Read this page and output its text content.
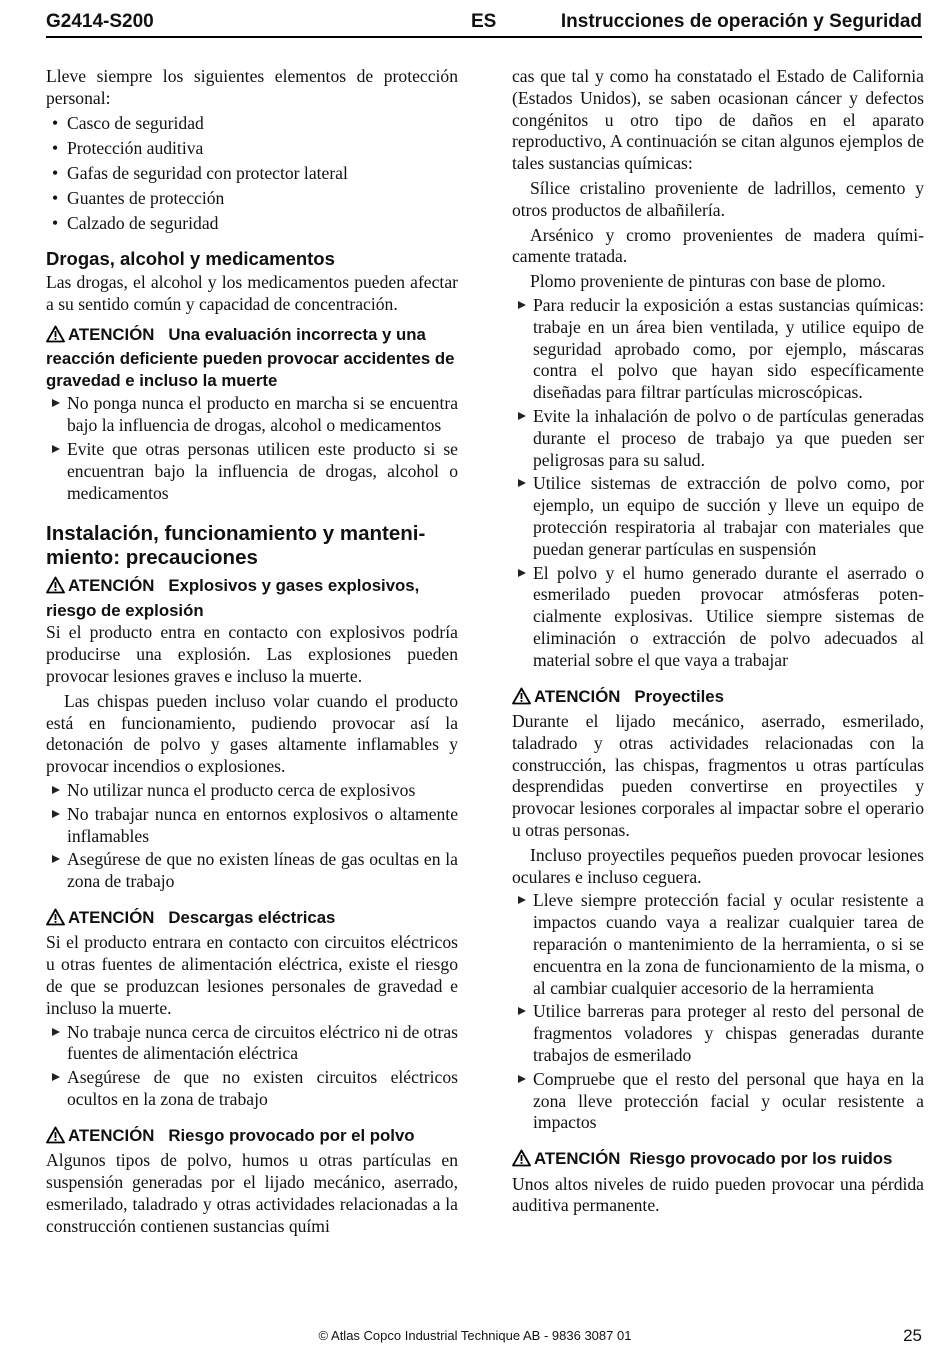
G2414-S200	ES	Instrucciones de operación y Seguridad

Lleve siempre los siguientes elementos de protección personal:

• Casco de seguridad
• Protección auditiva
• Gafas de seguridad con protector lateral
• Guantes de protección
• Calzado de seguridad
Drogas, alcohol y medicamentos

Las drogas, el alcohol y los medicamentos pueden afectar a su sentido común y capacidad de concentración.

ATENCIÓN Una evaluación incorrecta y una reacción deficiente pueden provocar accidentes de gravedad e incluso la muerte
No ponga nunca el producto en marcha si se encuentra bajo la influencia de drogas, alcohol o medicamentos
Evite que otras personas utilicen este producto si se encuentran bajo la influencia de drogas, alcohol o medicamentos
Instalación, funcionamiento y mantenimiento: precauciones
ATENCIÓN Explosivos y gases explosivos, riesgo de explosión

Si el producto entra en contacto con explosivos podría producirse una explosión. Las explosiones pueden provocar lesiones graves e incluso la muerte.

Las chispas pueden incluso volar cuando el producto está en funcionamiento, pudiendo provocar así la detonación de polvo y gases altamente inflamables y provocar incendios o explosiones.

No utilizar nunca el producto cerca de explosivos
No trabajar nunca en entornos explosivos o altamente inflamables
Asegúrese de que no existen líneas de gas ocultas en la zona de trabajo
ATENCIÓN Descargas eléctricas

Si el producto entrara en contacto con circuitos eléctricos u otras fuentes de alimentación eléctrica, existe el riesgo de que se produzcan lesiones personales de gravedad e incluso la muerte.

No trabaje nunca cerca de circuitos eléctrico ni de otras fuentes de alimentación eléctrica
Asegúrese de que no existen circuitos eléctricos ocultos en la zona de trabajo
ATENCIÓN Riesgo provocado por el polvo

Algunos tipos de polvo, humos u otras partículas en suspensión generadas por el lijado mecánico, aserrado, esmerilado, taladrado y otras actividades relacionadas a la construcción contienen sustancias quími

cas que tal y como ha constatado el Estado de California (Estados Unidos), se saben ocasionan cáncer y defectos congénitos u otro tipo de daños en el aparato reproductivo, A continuación se citan algunos ejemplos de tales sustancias químicas:

Sílice cristalino proveniente de ladrillos, cemento y otros productos de albañilería.

Arsénico y cromo provenientes de madera químicamente tratada.

Plomo proveniente de pinturas con base de plomo.

Para reducir la exposición a estas sustancias químicas: trabaje en un área bien ventilada, y utilice equipo de seguridad aprobado como, por ejemplo, máscaras contra el polvo que hayan sido específicamente diseñadas para filtrar partículas microscópicas.
Evite la inhalación de polvo o de partículas generadas durante el proceso de trabajo ya que pueden ser peligrosas para su salud.
Utilice sistemas de extracción de polvo como, por ejemplo, un equipo de succión y lleve un equipo de protección respiratoria al trabajar con materiales que puedan generar partículas en suspensión
El polvo y el humo generado durante el aserrado o esmerilado pueden provocar atmósferas potencialmente explosivas. Utilice siempre sistemas de eliminación o extracción de polvo adecuados al material sobre el que vaya a trabajar
ATENCIÓN Proyectiles

Durante el lijado mecánico, aserrado, esmerilado, taladrado y otras actividades relacionadas con la construcción, las chispas, fragmentos u otras partículas desprendidas pueden convertirse en proyectiles y provocar lesiones corporales al impactar sobre el operario u otras personas.

Incluso proyectiles pequeños pueden provocar lesiones oculares e incluso ceguera.

Lleve siempre protección facial y ocular resistente a impactos cuando vaya a realizar cualquier tarea de reparación o mantenimiento de la herramienta, o si se encuentra en la zona de funcionamiento de la misma, o al cambiar cualquier accesorio de la herramienta
Utilice barreras para proteger al resto del personal de fragmentos voladores y chispas generadas durante trabajos de esmerilado
Compruebe que el resto del personal que haya en la zona lleve protección facial y ocular resistente a impactos
ATENCIÓN Riesgo provocado por los ruidos

Unos altos niveles de ruido pueden provocar una pérdida auditiva permanente.

© Atlas Copco Industrial Technique AB - 9836 3087 01	25
